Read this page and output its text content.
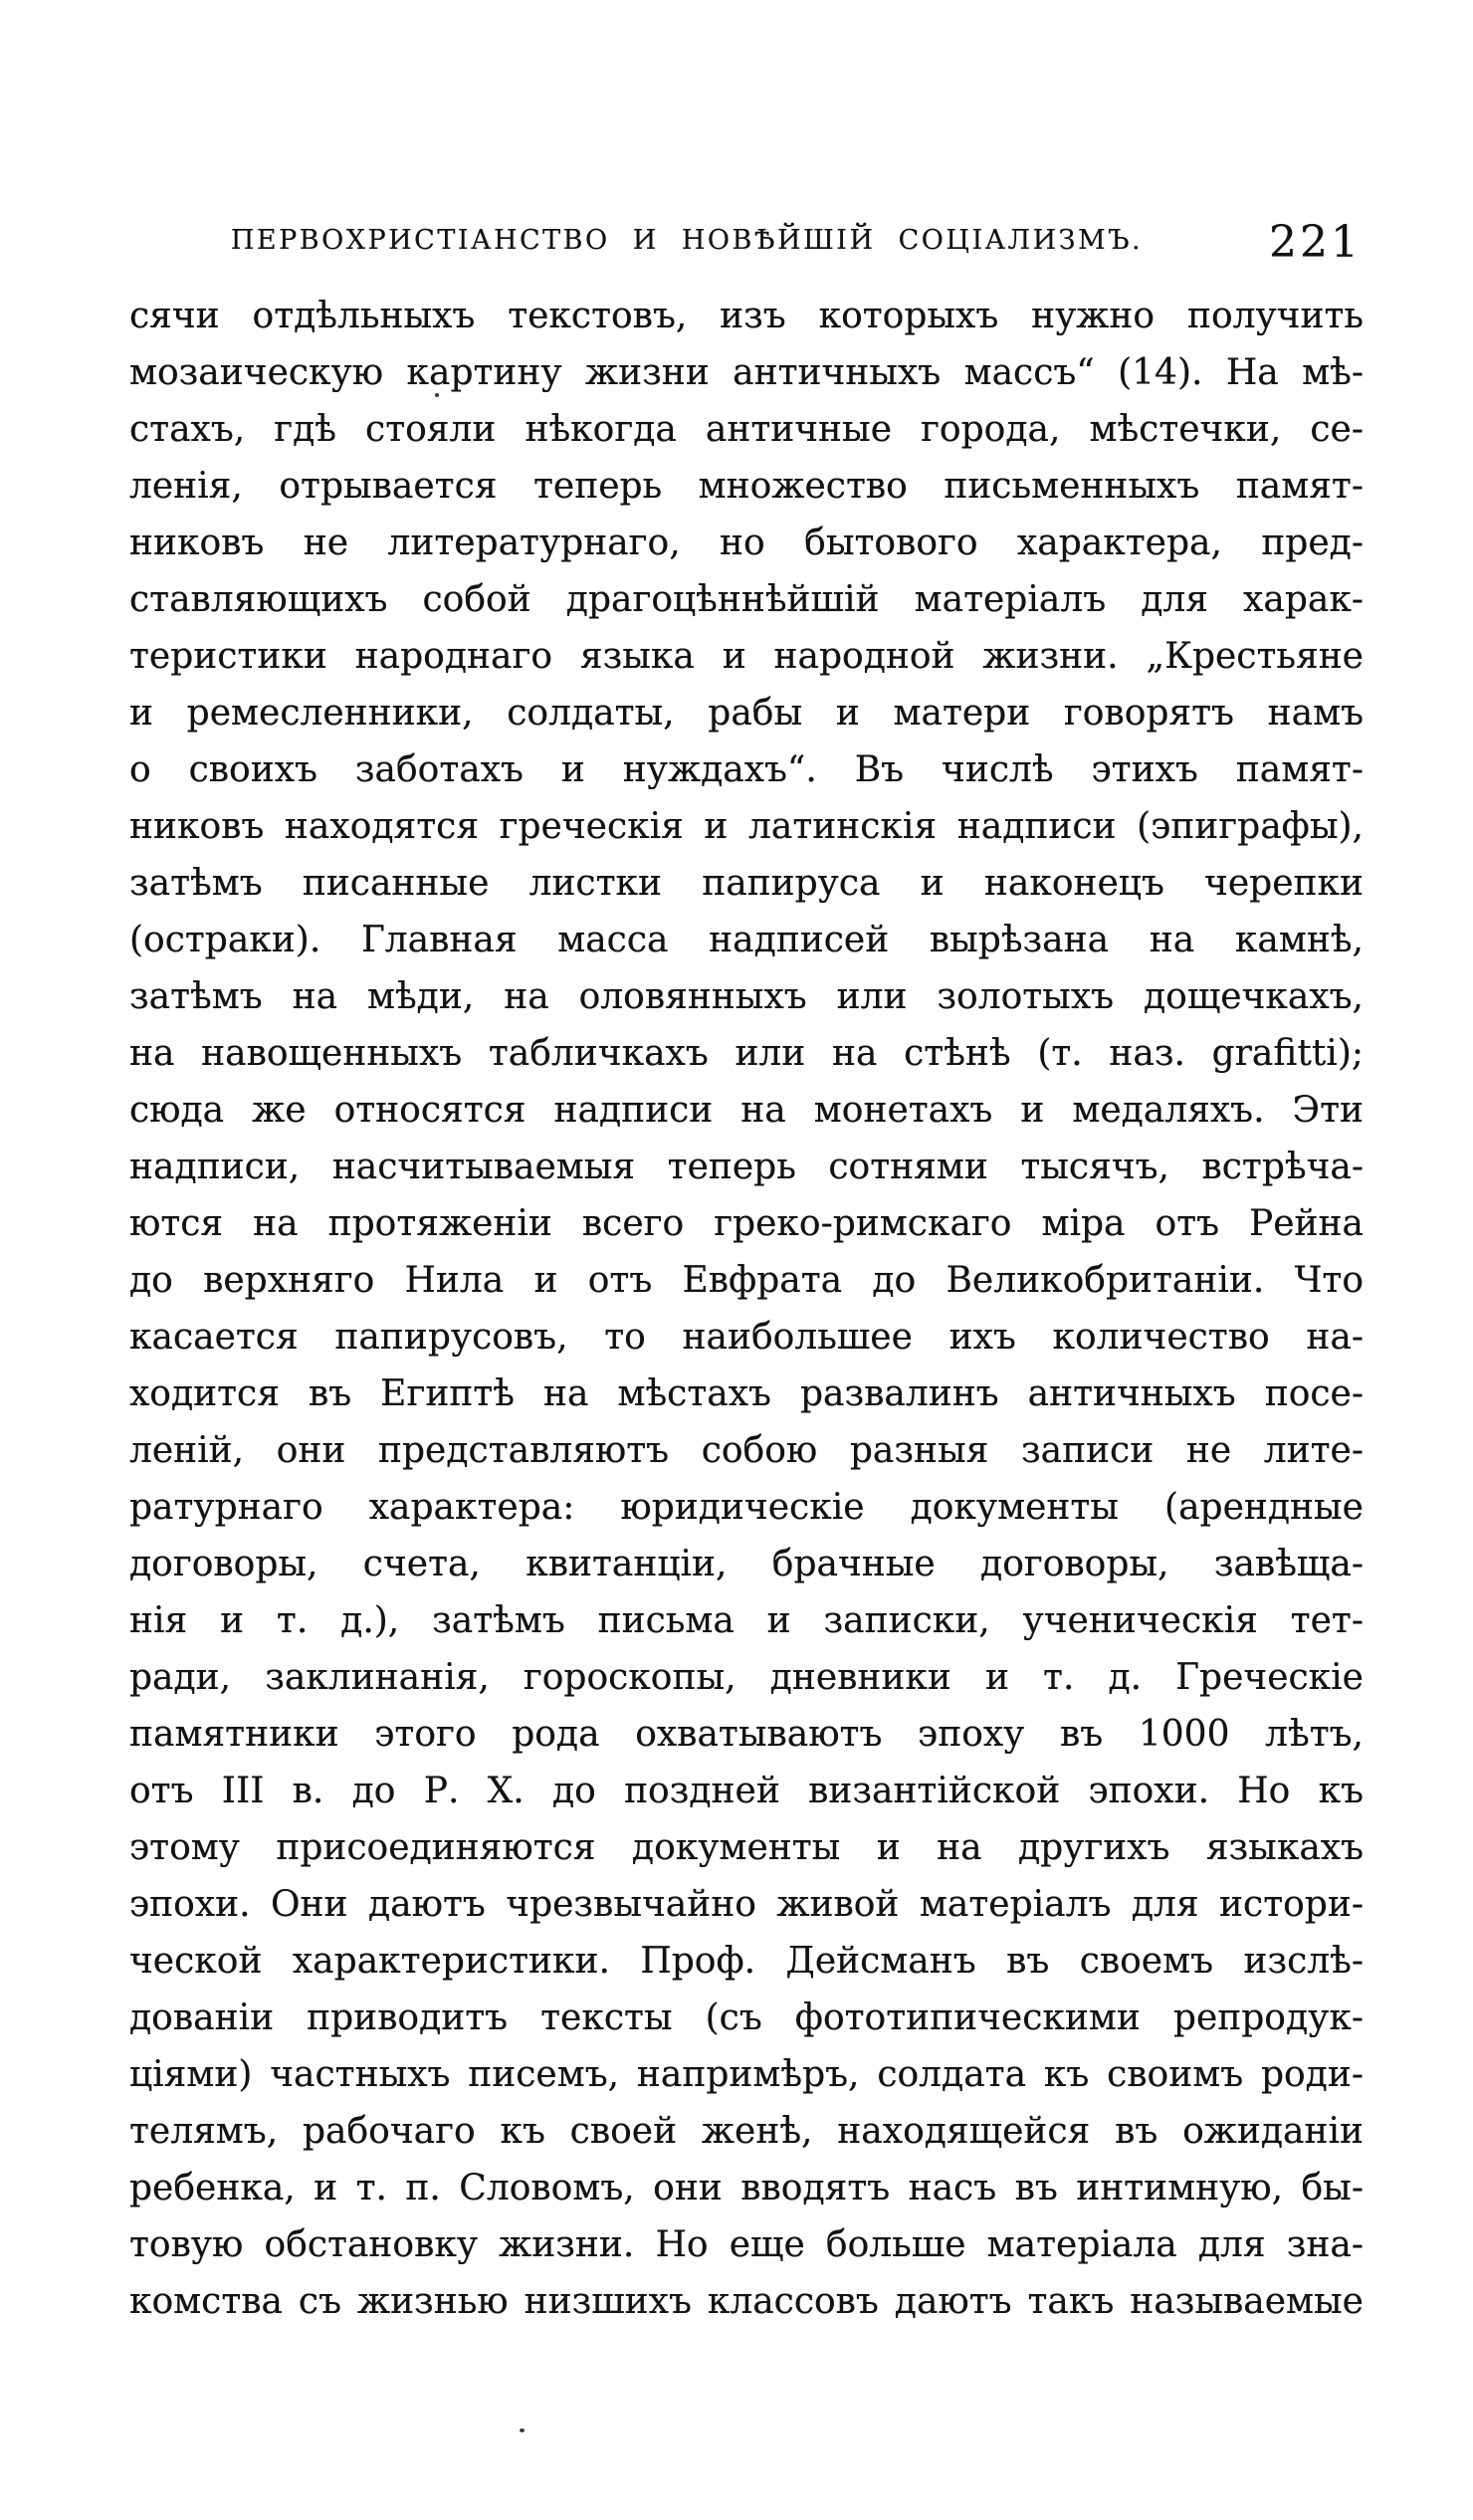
ПЕРВОХРИСТІАНСТВО И НОВѢЙШІЙ СОЦІАЛИЗМЪ.	221
сячи отдѣльныхъ текстовъ, изъ которыхъ нужно получить
мозаическую картину жизни античныхъ массъ“ (14). На мѣ-
стахъ, гдѣ стояли нѣкогда античные города, мѣстечки, се-
ленія, отрывается теперь множество письменныхъ памят-
никовъ не литературнаго, но бытового характера, пред-
ставляющихъ собой драгоцѣннѣйшій матеріалъ для харак-
теристики народнаго языка и народной жизни. „Крестьяне
и ремесленники, солдаты, рабы и матери говорятъ намъ
о своихъ заботахъ и нуждахъ“. Въ числѣ этихъ памят-
никовъ находятся греческія и латинскія надписи (эпиграфы),
затѣмъ писанные листки папируса и наконецъ черепки
(остраки). Главная масса надписей вырѣзана на камнѣ,
затѣмъ на мѣди, на оловянныхъ или золотыхъ дощечкахъ,
на навощенныхъ табличкахъ или на стѣнѣ (т. наз. grafitti);
сюда же относятся надписи на монетахъ и медаляхъ. Эти
надписи, насчитываемыя теперь сотнями тысячъ, встрѣча-
ются на протяженіи всего греко-римскаго міра отъ Рейна
до верхняго Нила и отъ Евфрата до Великобританіи. Что
касается папирусовъ, то наибольшее ихъ количество на-
ходится въ Египтѣ на мѣстахъ развалинъ античныхъ посе-
леній, они представляютъ собою разныя записи не лите-
ратурнаго характера: юридическіе документы (арендные
договоры, счета, квитанціи, брачные договоры, завѣща-
нія и т. д.), затѣмъ письма и записки, ученическія тет-
ради, заклинанія, гороскопы, дневники и т. д. Греческіе
памятники этого рода охватываютъ эпоху въ 1000 лѣтъ,
отъ III в. до Р. Х. до поздней византійской эпохи. Но къ
этому присоединяются документы и на другихъ языкахъ
эпохи. Они даютъ чрезвычайно живой матеріалъ для истори-
ческой характеристики. Проф. Дейсманъ въ своемъ изслѣ-
дованіи приводитъ тексты (съ фототипическими репродук-
ціями) частныхъ писемъ, напримѣръ, солдата къ своимъ роди-
телямъ, рабочаго къ своей женѣ, находящейся въ ожиданіи
ребенка, и т. п. Словомъ, они вводятъ насъ въ интимную, бы-
товую обстановку жизни. Но еще больше матеріала для зна-
комства съ жизнью низшихъ классовъ даютъ такъ называемые
